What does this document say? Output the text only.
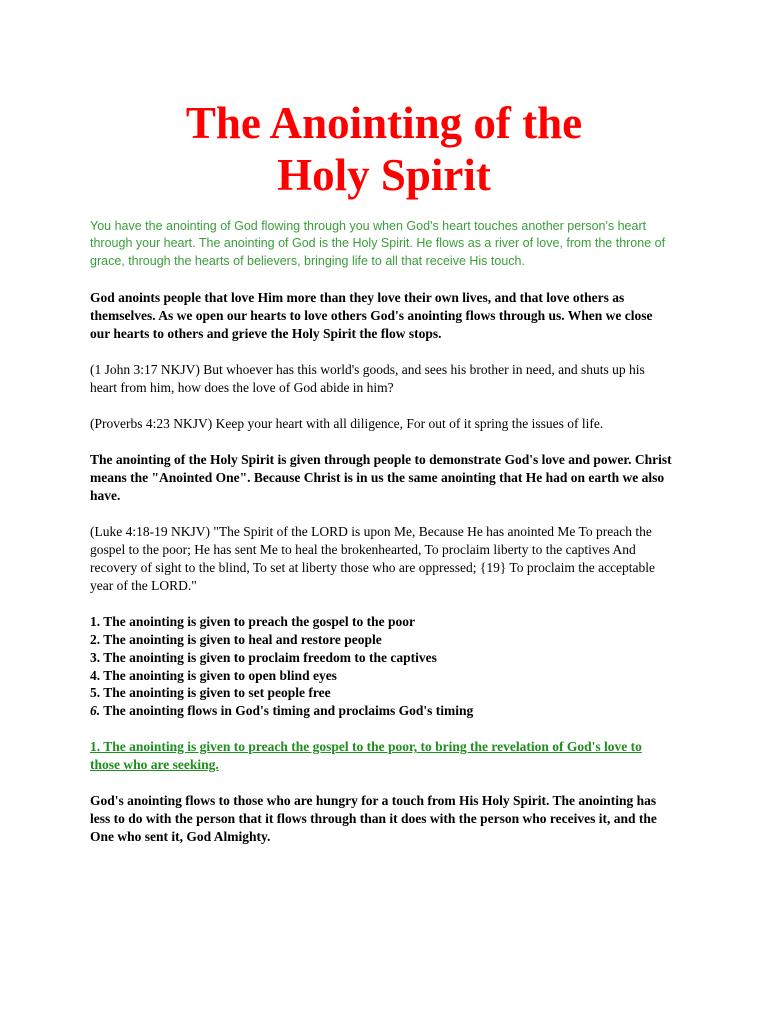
The Anointing of the
Holy Spirit

You have the anointing of God flowing through you when God's heart touches another person's heart through your heart. The anointing of God is the Holy Spirit. He flows as a river of love, from the throne of grace, through the hearts of believers, bringing life to all that receive His touch.

God anoints people that love Him more than they love their own lives, and that love others as themselves. As we open our hearts to love others God's anointing flows through us. When we close our hearts to others and grieve the Holy Spirit the flow stops.

(1 John 3:17 NKJV) But whoever has this world's goods, and sees his brother in need, and shuts up his heart from him, how does the love of God abide in him?

(Proverbs 4:23 NKJV) Keep your heart with all diligence, For out of it spring the issues of life.

The anointing of the Holy Spirit is given through people to demonstrate God's love and power. Christ means the "Anointed One". Because Christ is in us the same anointing that He had on earth we also have.

(Luke 4:18-19 NKJV) "The Spirit of the LORD is upon Me, Because He has anointed Me To preach the gospel to the poor; He has sent Me to heal the brokenhearted, To proclaim liberty to the captives And recovery of sight to the blind, To set at liberty those who are oppressed; {19} To proclaim the acceptable year of the LORD."

1. The anointing is given to preach the gospel to the poor
2. The anointing is given to heal and restore people
3. The anointing is given to proclaim freedom to the captives
4. The anointing is given to open blind eyes
5. The anointing is given to set people free
6. The anointing flows in God's timing and proclaims God's timing
1. The anointing is given to preach the gospel to the poor, to bring the revelation of God's love to those who are seeking.

God's anointing flows to those who are hungry for a touch from His Holy Spirit. The anointing has less to do with the person that it flows through than it does with the person who receives it, and the One who sent it, God Almighty.
